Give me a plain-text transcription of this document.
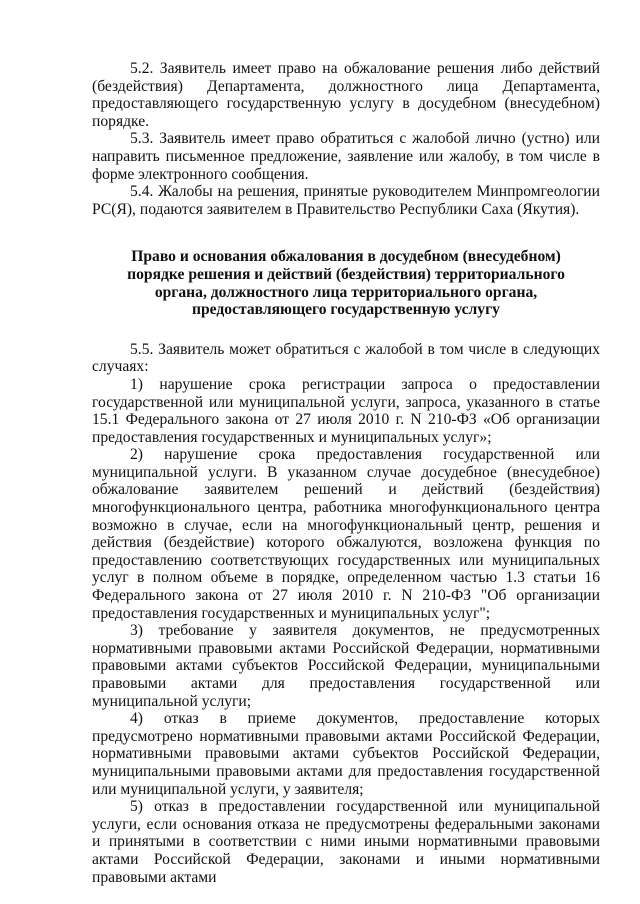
5.2. Заявитель имеет право на обжалование решения либо действий (бездействия) Департамента, должностного лица Департамента, предоставляющего государственную услугу в досудебном (внесудебном) порядке.

5.3. Заявитель имеет право обратиться с жалобой лично (устно) или направить письменное предложение, заявление или жалобу, в том числе в форме электронного сообщения.

5.4. Жалобы на решения, принятые руководителем Минпромгеологии РС(Я), подаются заявителем в Правительство Республики Саха (Якутия).

Право и основания обжалования в досудебном (внесудебном)
порядке решения и действий (бездействия) территориального
органа, должностного лица территориального органа,
предоставляющего государственную услугу

5.5. Заявитель может обратиться с жалобой в том числе в следующих случаях:

1) нарушение срока регистрации запроса о предоставлении государственной или муниципальной услуги, запроса, указанного в статье 15.1 Федерального закона от 27 июля 2010 г. N 210-ФЗ «Об организации предоставления государственных и муниципальных услуг»;

2) нарушение срока предоставления государственной или муниципальной услуги. В указанном случае досудебное (внесудебное) обжалование заявителем решений и действий (бездействия) многофункционального центра, работника многофункционального центра возможно в случае, если на многофункциональный центр, решения и действия (бездействие) которого обжалуются, возложена функция по предоставлению соответствующих государственных или муниципальных услуг в полном объеме в порядке, определенном частью 1.3 статьи 16 Федерального закона от 27 июля 2010 г. N 210-ФЗ "Об организации предоставления государственных и муниципальных услуг";

3) требование у заявителя документов, не предусмотренных нормативными правовыми актами Российской Федерации, нормативными правовыми актами субъектов Российской Федерации, муниципальными правовыми актами для предоставления государственной или муниципальной услуги;

4) отказ в приеме документов, предоставление которых предусмотрено нормативными правовыми актами Российской Федерации, нормативными правовыми актами субъектов Российской Федерации, муниципальными правовыми актами для предоставления государственной или муниципальной услуги, у заявителя;

5) отказ в предоставлении государственной или муниципальной услуги, если основания отказа не предусмотрены федеральными законами и принятыми в соответствии с ними иными нормативными правовыми актами Российской Федерации, законами и иными нормативными правовыми актами
